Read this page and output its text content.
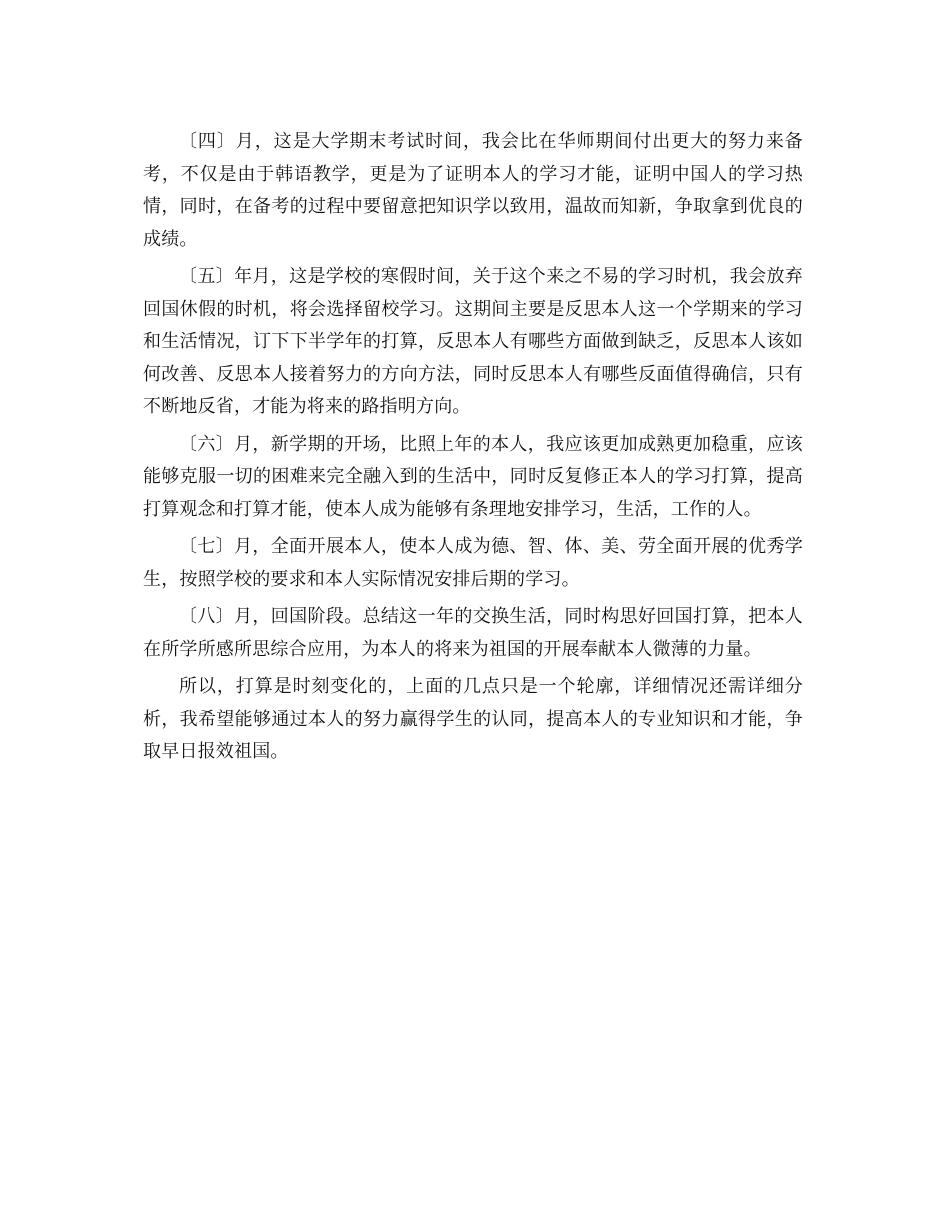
〔四〕月，这是大学期末考试时间，我会比在华师期间付出更大的努力来备考，不仅是由于韩语教学，更是为了证明本人的学习才能，证明中国人的学习热情，同时，在备考的过程中要留意把知识学以致用，温故而知新，争取拿到优良的成绩。

〔五〕年月，这是学校的寒假时间，关于这个来之不易的学习时机，我会放弃回国休假的时机，将会选择留校学习。这期间主要是反思本人这一个学期来的学习和生活情况，订下下半学年的打算，反思本人有哪些方面做到缺乏，反思本人该如何改善、反思本人接着努力的方向方法，同时反思本人有哪些反面值得确信，只有不断地反省，才能为将来的路指明方向。

〔六〕月，新学期的开场，比照上年的本人，我应该更加成熟更加稳重，应该能够克服一切的困难来完全融入到的生活中，同时反复修正本人的学习打算，提高打算观念和打算才能，使本人成为能够有条理地安排学习，生活，工作的人。

〔七〕月，全面开展本人，使本人成为德、智、体、美、劳全面开展的优秀学生，按照学校的要求和本人实际情况安排后期的学习。

〔八〕月，回国阶段。总结这一年的交换生活，同时构思好回国打算，把本人在所学所感所思综合应用，为本人的将来为祖国的开展奉献本人微薄的力量。

所以，打算是时刻变化的，上面的几点只是一个轮廓，详细情况还需详细分析，我希望能够通过本人的努力赢得学生的认同，提高本人的专业知识和才能，争取早日报效祖国。
